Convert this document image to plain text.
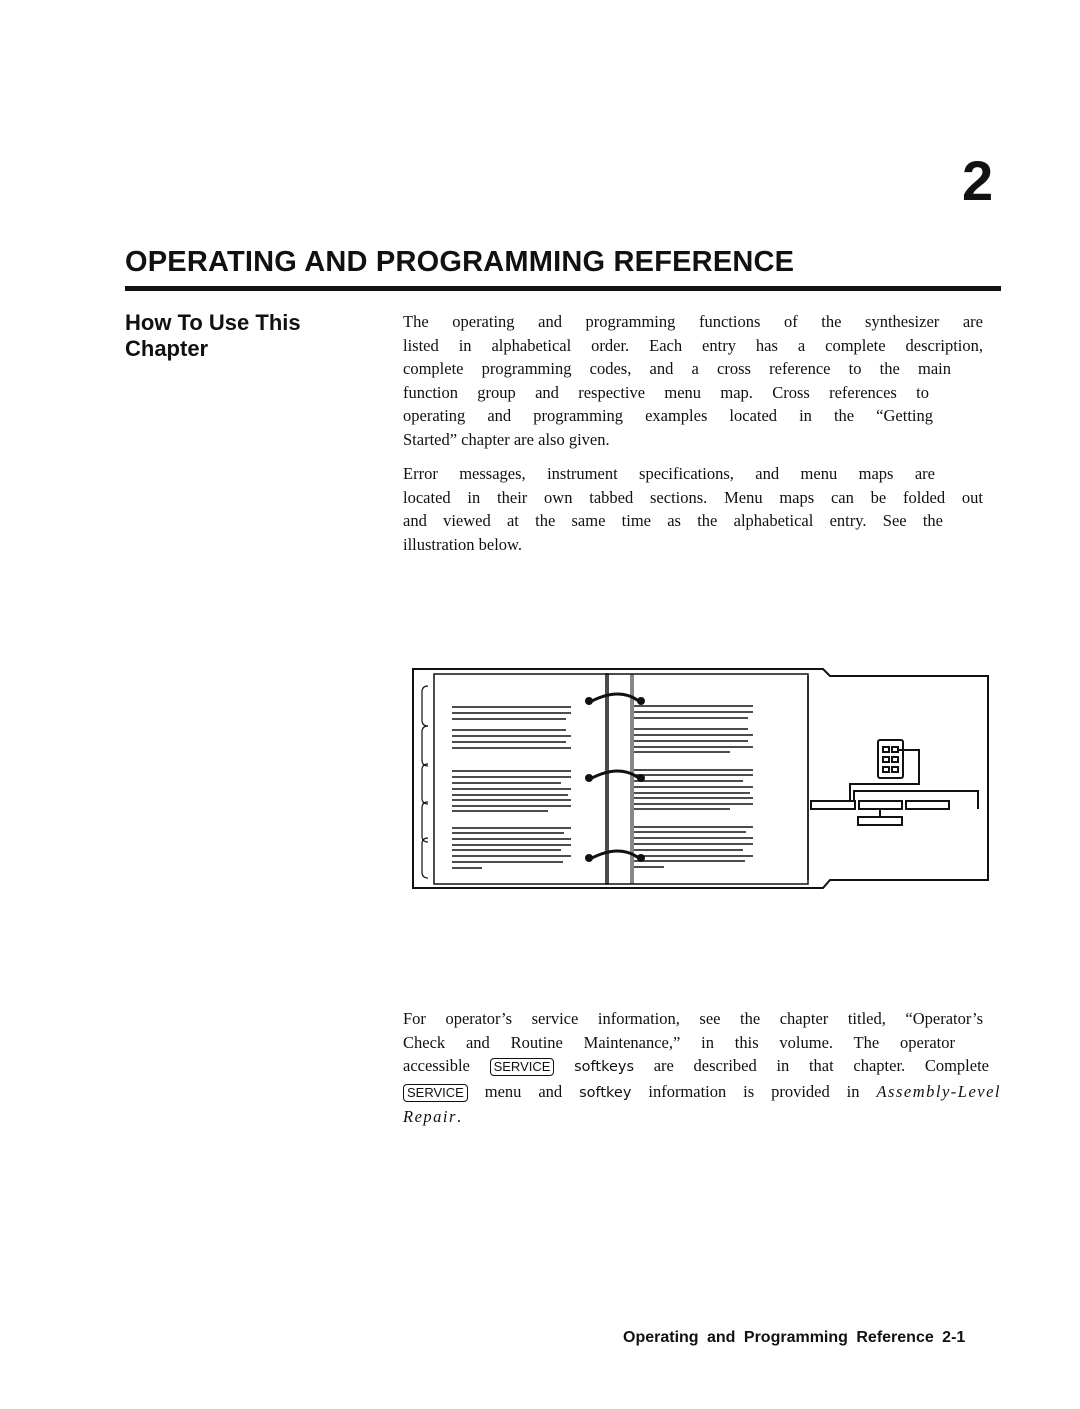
2
OPERATING AND PROGRAMMING REFERENCE
How To Use This
Chapter
The operating and programming functions of the synthesizer are
listed in alphabetical order. Each entry has a complete description,
complete programming codes, and a cross reference to the main
function group and respective menu map. Cross references to
operating and programming examples located in the “Getting
Started” chapter are also given.
Error messages, instrument specifications, and menu maps are
located in their own tabbed sections. Menu maps can be folded out
and viewed at the same time as the alphabetical entry. See the
illustration below.
For operator’s service information, see the chapter titled, “Operator’s
Check and Routine Maintenance,” in this volume. The operator
accessible SERVICE softkeys are described in that chapter. Complete
SERVICE menu and softkey information is provided in Assembly-Level
Repair.
Operating and Programming Reference 2-1
